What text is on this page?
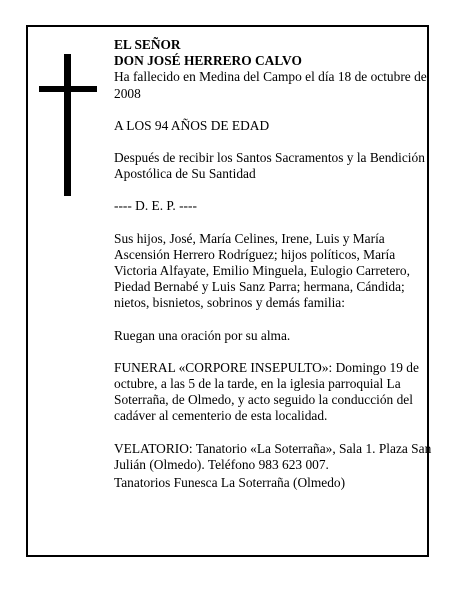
EL SEÑOR

DON JOSÉ HERRERO CALVO

Ha fallecido en Medina del Campo el día 18 de octubre de 2008

A LOS 94 AÑOS DE EDAD

Después de recibir los Santos Sacramentos y la Bendición Apostólica de Su Santidad

---- D. E. P. ----

Sus hijos, José, María Celines, Irene, Luis y María Ascensión Herrero Rodríguez; hijos políticos, María Victoria Alfayate, Emilio Minguela, Eulogio Carretero, Piedad Bernabé y Luis Sanz Parra; hermana, Cándida; nietos, bisnietos, sobrinos y demás familia:

Ruegan una oración por su alma.

FUNERAL «CORPORE INSEPULTO»: Domingo 19 de octubre, a las 5 de la tarde, en la iglesia parroquial La Soterraña, de Olmedo, y acto seguido la conducción del cadáver al cementerio de esta localidad.

VELATORIO: Tanatorio «La Soterraña», Sala 1. Plaza San Julián (Olmedo). Teléfono 983 623 007.

Tanatorios Funesca La Soterraña (Olmedo)
